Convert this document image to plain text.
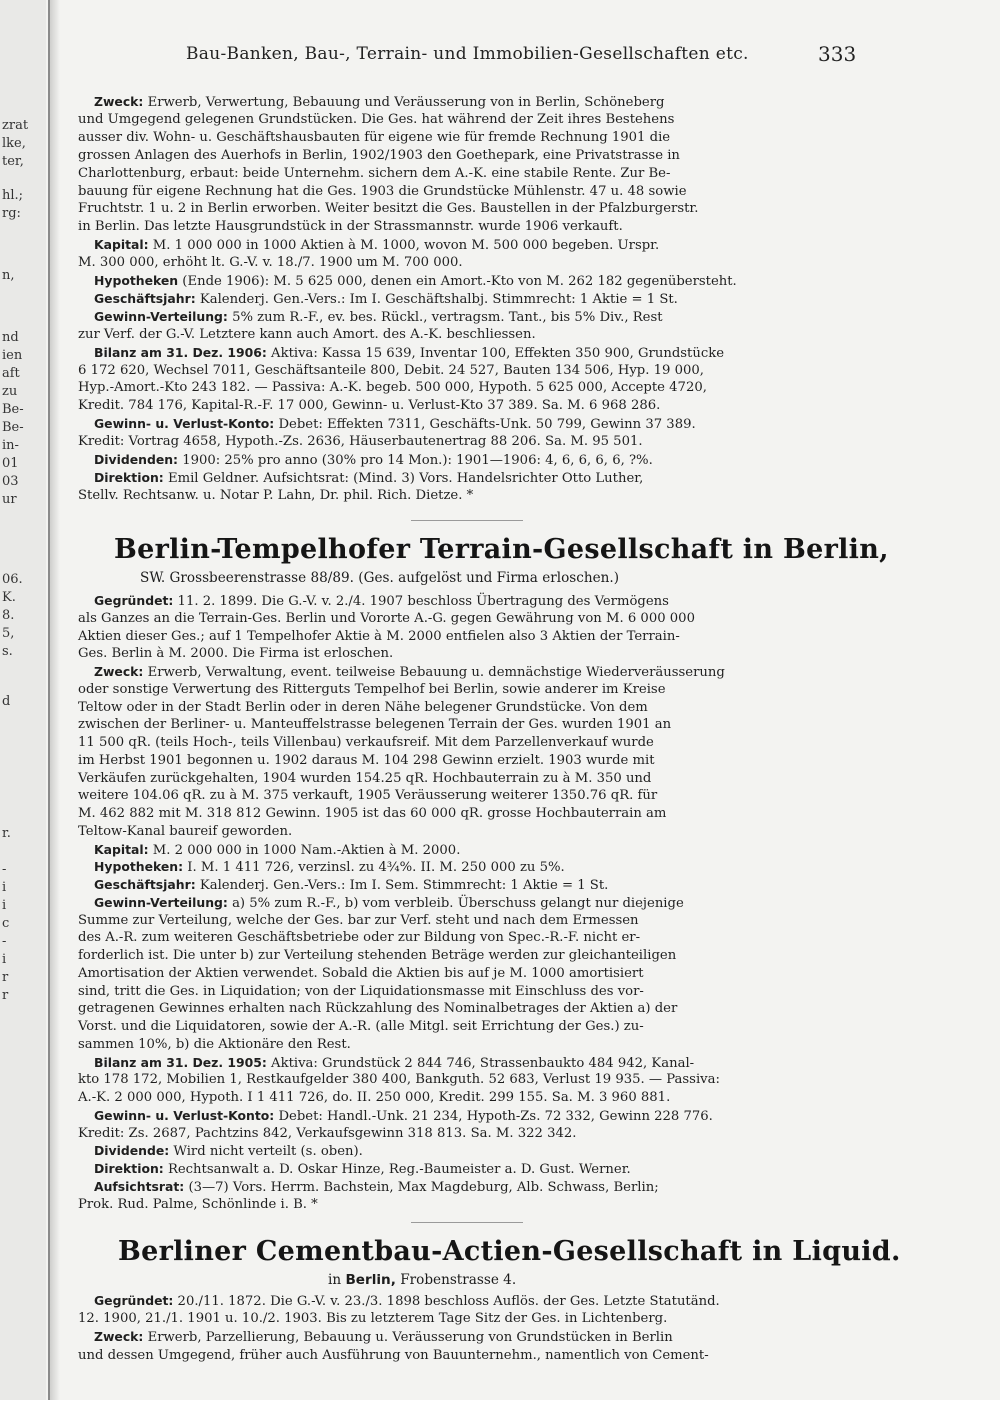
zrat
lke,
ter,
hl.;
rg:
n,
nd
ien
aft
zu
Be-
Be-
in-
01
03
ur
06.
K.
8.
5,
s.
d
r.
-
i
i
c
-
i
r
r
Bau-Banken, Bau-, Terrain- und Immobilien-Gesellschaften etc.	333
Zweck: Erwerb, Verwertung, Bebauung und Veräusserung von in Berlin, Schöneberg
und Umgegend gelegenen Grundstücken. Die Ges. hat während der Zeit ihres Bestehens
ausser div. Wohn- u. Geschäftshausbauten für eigene wie für fremde Rechnung 1901 die
grossen Anlagen des Auerhofs in Berlin, 1902/1903 den Goethepark, eine Privatstrasse in
Charlottenburg, erbaut: beide Unternehm. sichern dem A.-K. eine stabile Rente. Zur Be-
bauung für eigene Rechnung hat die Ges. 1903 die Grundstücke Mühlenstr. 47 u. 48 sowie
Fruchtstr. 1 u. 2 in Berlin erworben. Weiter besitzt die Ges. Baustellen in der Pfalzburgerstr.
in Berlin. Das letzte Hausgrundstück in der Strassmannstr. wurde 1906 verkauft.
Kapital: M. 1 000 000 in 1000 Aktien à M. 1000, wovon M. 500 000 begeben. Urspr.
M. 300 000, erhöht lt. G.-V. v. 18./7. 1900 um M. 700 000.
Hypotheken (Ende 1906): M. 5 625 000, denen ein Amort.-Kto von M. 262 182 gegenübersteht.
Geschäftsjahr: Kalenderj. Gen.-Vers.: Im I. Geschäftshalbj. Stimmrecht: 1 Aktie = 1 St.
Gewinn-Verteilung: 5% zum R.-F., ev. bes. Rückl., vertragsm. Tant., bis 5% Div., Rest
zur Verf. der G.-V. Letztere kann auch Amort. des A.-K. beschliessen.
Bilanz am 31. Dez. 1906: Aktiva: Kassa 15 639, Inventar 100, Effekten 350 900, Grundstücke
6 172 620, Wechsel 7011, Geschäftsanteile 800, Debit. 24 527, Bauten 134 506, Hyp. 19 000,
Hyp.-Amort.-Kto 243 182. — Passiva: A.-K. begeb. 500 000, Hypoth. 5 625 000, Accepte 4720,
Kredit. 784 176, Kapital-R.-F. 17 000, Gewinn- u. Verlust-Kto 37 389. Sa. M. 6 968 286.
Gewinn- u. Verlust-Konto: Debet: Effekten 7311, Geschäfts-Unk. 50 799, Gewinn 37 389.
Kredit: Vortrag 4658, Hypoth.-Zs. 2636, Häuserbautenertrag 88 206. Sa. M. 95 501.
Dividenden: 1900: 25% pro anno (30% pro 14 Mon.): 1901—1906: 4, 6, 6, 6, 6, ?%.
Direktion: Emil Geldner. Aufsichtsrat: (Mind. 3) Vors. Handelsrichter Otto Luther,
Stellv. Rechtsanw. u. Notar P. Lahn, Dr. phil. Rich. Dietze. *
Berlin-Tempelhofer Terrain-Gesellschaft in Berlin,
SW. Grossbeerenstrasse 88/89. (Ges. aufgelöst und Firma erloschen.)
Gegründet: 11. 2. 1899. Die G.-V. v. 2./4. 1907 beschloss Übertragung des Vermögens
als Ganzes an die Terrain-Ges. Berlin und Vororte A.-G. gegen Gewährung von M. 6 000 000
Aktien dieser Ges.; auf 1 Tempelhofer Aktie à M. 2000 entfielen also 3 Aktien der Terrain-
Ges. Berlin à M. 2000. Die Firma ist erloschen.
Zweck: Erwerb, Verwaltung, event. teilweise Bebauung u. demnächstige Wiederveräusserung
oder sonstige Verwertung des Ritterguts Tempelhof bei Berlin, sowie anderer im Kreise
Teltow oder in der Stadt Berlin oder in deren Nähe belegener Grundstücke. Von dem
zwischen der Berliner- u. Manteuffelstrasse belegenen Terrain der Ges. wurden 1901 an
11 500 qR. (teils Hoch-, teils Villenbau) verkaufsreif. Mit dem Parzellenverkauf wurde
im Herbst 1901 begonnen u. 1902 daraus M. 104 298 Gewinn erzielt. 1903 wurde mit
Verkäufen zurückgehalten, 1904 wurden 154.25 qR. Hochbauterrain zu à M. 350 und
weitere 104.06 qR. zu à M. 375 verkauft, 1905 Veräusserung weiterer 1350.76 qR. für
M. 462 882 mit M. 318 812 Gewinn. 1905 ist das 60 000 qR. grosse Hochbauterrain am
Teltow-Kanal baureif geworden.
Kapital: M. 2 000 000 in 1000 Nam.-Aktien à M. 2000.
Hypotheken: I. M. 1 411 726, verzinsl. zu 4¾%. II. M. 250 000 zu 5%.
Geschäftsjahr: Kalenderj. Gen.-Vers.: Im I. Sem. Stimmrecht: 1 Aktie = 1 St.
Gewinn-Verteilung: a) 5% zum R.-F., b) vom verbleib. Überschuss gelangt nur diejenige
Summe zur Verteilung, welche der Ges. bar zur Verf. steht und nach dem Ermessen
des A.-R. zum weiteren Geschäftsbetriebe oder zur Bildung von Spec.-R.-F. nicht er-
forderlich ist. Die unter b) zur Verteilung stehenden Beträge werden zur gleichanteiligen
Amortisation der Aktien verwendet. Sobald die Aktien bis auf je M. 1000 amortisiert
sind, tritt die Ges. in Liquidation; von der Liquidationsmasse mit Einschluss des vor-
getragenen Gewinnes erhalten nach Rückzahlung des Nominalbetrages der Aktien a) der
Vorst. und die Liquidatoren, sowie der A.-R. (alle Mitgl. seit Errichtung der Ges.) zu-
sammen 10%, b) die Aktionäre den Rest.
Bilanz am 31. Dez. 1905: Aktiva: Grundstück 2 844 746, Strassenbaukto 484 942, Kanal-
kto 178 172, Mobilien 1, Restkaufgelder 380 400, Bankguth. 52 683, Verlust 19 935. — Passiva:
A.-K. 2 000 000, Hypoth. I 1 411 726, do. II. 250 000, Kredit. 299 155. Sa. M. 3 960 881.
Gewinn- u. Verlust-Konto: Debet: Handl.-Unk. 21 234, Hypoth-Zs. 72 332, Gewinn 228 776.
Kredit: Zs. 2687, Pachtzins 842, Verkaufsgewinn 318 813. Sa. M. 322 342.
Dividende: Wird nicht verteilt (s. oben).
Direktion: Rechtsanwalt a. D. Oskar Hinze, Reg.-Baumeister a. D. Gust. Werner.
Aufsichtsrat: (3—7) Vors. Herrm. Bachstein, Max Magdeburg, Alb. Schwass, Berlin;
Prok. Rud. Palme, Schönlinde i. B. *
Berliner Cementbau-Actien-Gesellschaft in Liquid.
in Berlin, Frobenstrasse 4.
Gegründet: 20./11. 1872. Die G.-V. v. 23./3. 1898 beschloss Auflös. der Ges. Letzte Statutänd.
12. 1900, 21./1. 1901 u. 10./2. 1903. Bis zu letzterem Tage Sitz der Ges. in Lichtenberg.
Zweck: Erwerb, Parzellierung, Bebauung u. Veräusserung von Grundstücken in Berlin
und dessen Umgegend, früher auch Ausführung von Bauunternehm., namentlich von Cement-
